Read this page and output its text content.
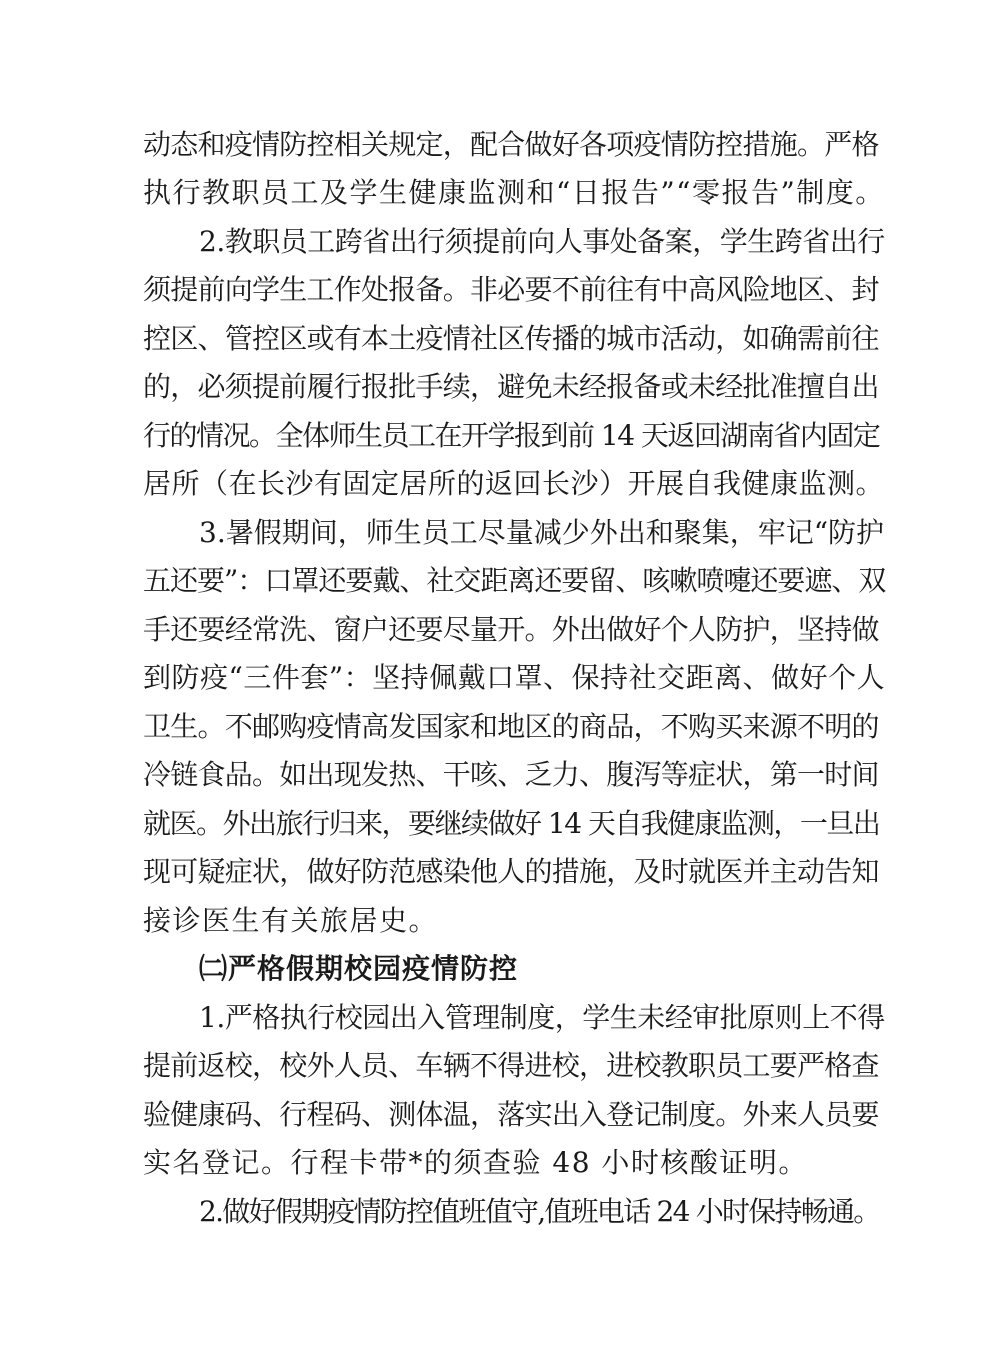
动态和疫情防控相关规定，配合做好各项疫情防控措施。严格
执行教职员工及学生健康监测和“日报告”“零报告”制度。
2.教职员工跨省出行须提前向人事处备案，学生跨省出行
须提前向学生工作处报备。非必要不前往有中高风险地区、封
控区、管控区或有本土疫情社区传播的城市活动，如确需前往
的，必须提前履行报批手续，避免未经报备或未经批准擅自出
行的情况。全体师生员工在开学报到前 14 天返回湖南省内固定
居所（在长沙有固定居所的返回长沙）开展自我健康监测。
3.暑假期间，师生员工尽量减少外出和聚集，牢记“防护
五还要”：口罩还要戴、社交距离还要留、咳嗽喷嚏还要遮、双
手还要经常洗、窗户还要尽量开。外出做好个人防护，坚持做
到防疫“三件套”：坚持佩戴口罩、保持社交距离、做好个人
卫生。不邮购疫情高发国家和地区的商品，不购买来源不明的
冷链食品。如出现发热、干咳、乏力、腹泻等症状，第一时间
就医。外出旅行归来，要继续做好 14 天自我健康监测，一旦出
现可疑症状，做好防范感染他人的措施，及时就医并主动告知
接诊医生有关旅居史。
㈡严格假期校园疫情防控
1.严格执行校园出入管理制度，学生未经审批原则上不得
提前返校，校外人员、车辆不得进校，进校教职员工要严格查
验健康码、行程码、测体温，落实出入登记制度。外来人员要
实名登记。行程卡带*的须查验 48 小时核酸证明。
2.做好假期疫情防控值班值守,值班电话 24 小时保持畅通。
